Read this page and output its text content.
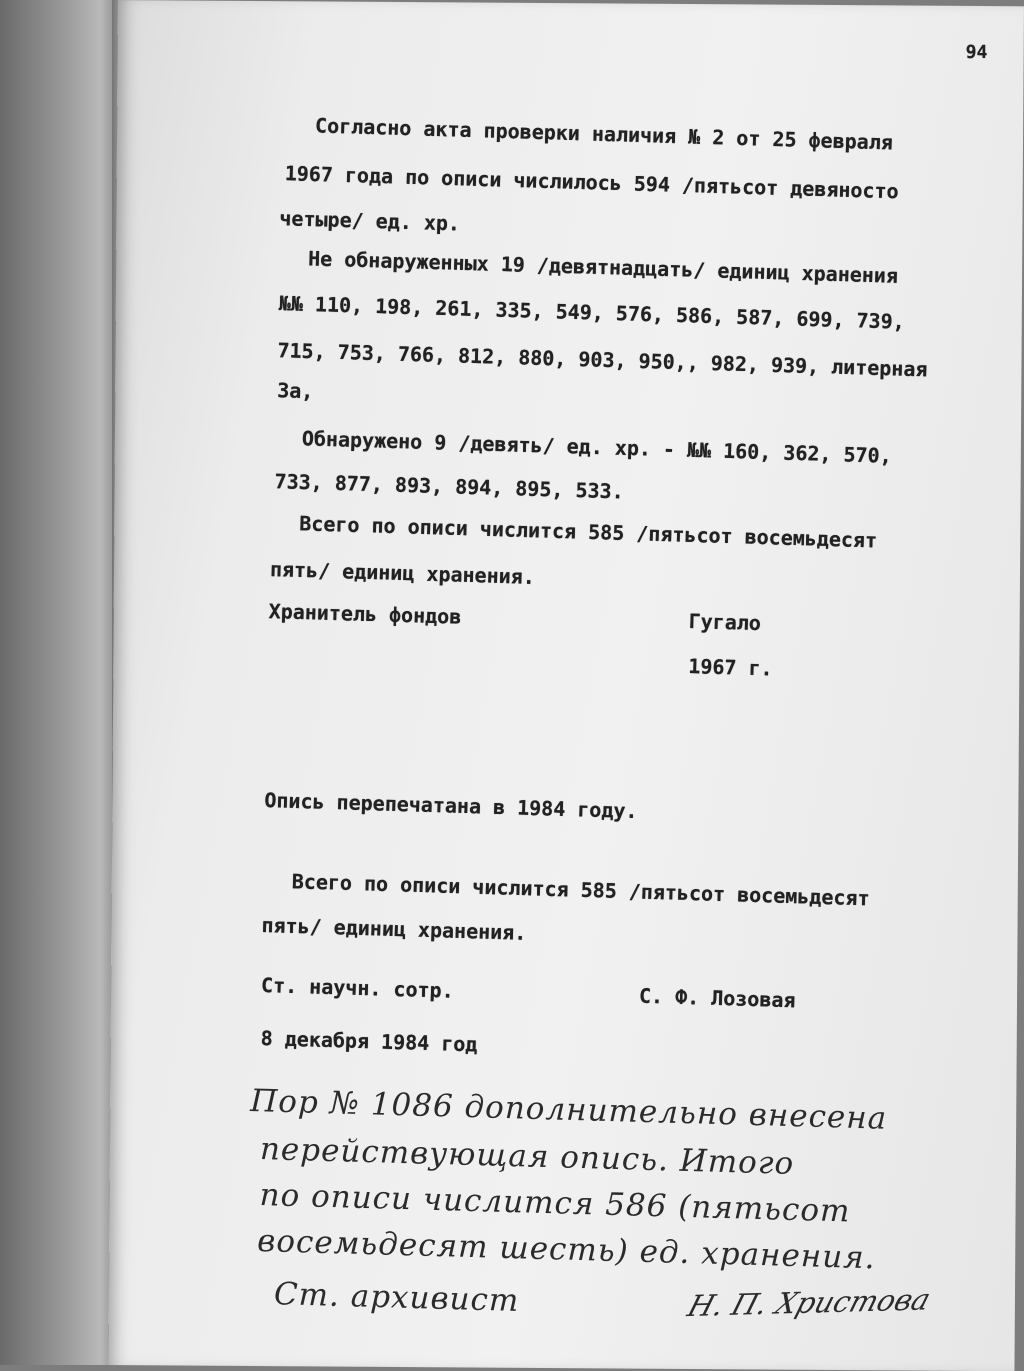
94
Согласно акта проверки наличия № 2 от 25 февраля
1967 года по описи числилось 594 /пятьсот девяносто
четыре/ ед. хр.
Не обнаруженных 19 /девятнадцать/ единиц хранения
№№ 110, 198, 261, 335, 549, 576, 586, 587, 699, 739,
715, 753, 766, 812, 880, 903, 950,, 982, 939, литерная
3а,
Обнаружено 9 /девять/ ед. хр. - №№ 160, 362, 570,
733, 877, 893, 894, 895, 533.
Всего по описи числится 585 /пятьсот восемьдесят
пять/ единиц хранения.
Хранитель фондов	Гугало
1967 г.
Опись перепечатана в 1984 году.
Всего по описи числится 585 /пятьсот восемьдесят
пять/ единиц хранения.
Ст. научн. сотр.	С. Ф. Лозовая
8 декабря 1984 год
Пор № 1086 дополнительно внесена
перействующая опись. Итого
по описи числится 586 (пятьсот
восемьдесят шесть) ед. хранения.
Ст. архивист	Н. П. Христова
